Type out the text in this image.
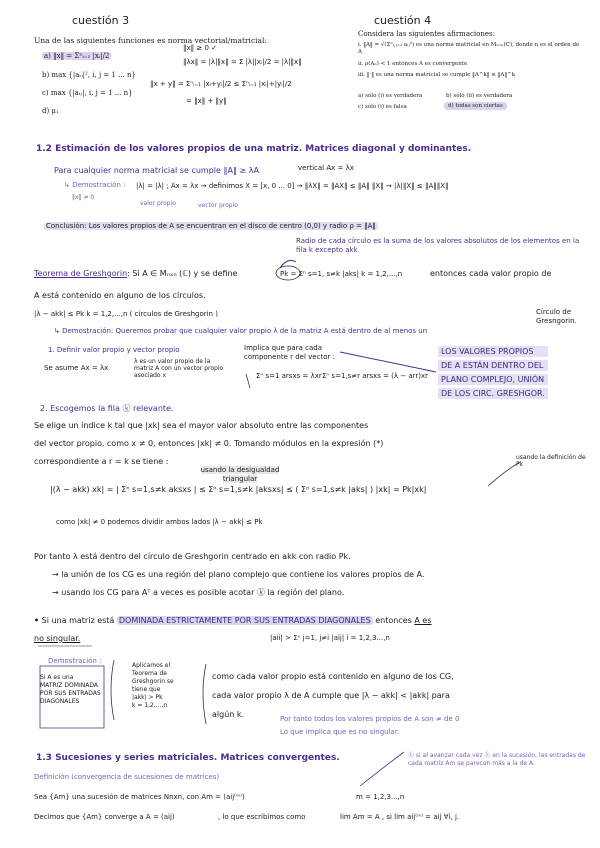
cuestión 3
Una de las siguientes funciones es norma vectorial/matricial:
a) ‖x‖ = Σⁿᵢ₌₁ |xᵢ|/2
b) max {|aᵢⱼ|², i, j = 1 ... n}
c) max {|aᵢⱼ|, i, j = 1 ... n}
d) μ₁
‖x‖ ≥ 0 ✓
‖λx‖ = |λ|‖x‖ = Σ |λ||xᵢ|/2 = |λ|‖x‖
‖x + y‖ = Σⁿᵢ₌₁ |xᵢ+yᵢ|/2 ≤ Σⁿᵢ₌₁ |xᵢ|+|yᵢ|/2
= ‖x‖ + ‖y‖
cuestión 4
Considera las siguientes afirmaciones:
i. ‖A‖ = √(Σⁿᵢ,ⱼ₌₁ aᵢⱼ²) es una norma matricial en Mₙₓₙ(ℂ), donde n es el orden de A
ii. ρ(Aₙ) < 1 entonces A es convergente
iii. ‖·‖ es una norma matricial se cumple ‖A^k‖ ≤ ‖A‖^k
a) sólo (i) es verdadera	b) sólo (ii) es verdadera
c) sólo (i) es falsa	d) todas son ciertas
1.2 Estimación de los valores propios de una matriz. Matrices diagonal y dominantes.
Para cualquier norma matricial se cumple ‖A‖ ≥ λA	vertical Ax = λx
↳ Demostración : |λ| = |λ| ; Ax = λx → definimos X = [x, 0 ... 0] → ‖λX‖ = ‖AX‖ ≤ ‖A‖ ‖X‖ → |λ|‖X‖ ≤ ‖A‖‖X‖
‖x‖ ≠ 0
valor propio	vector propio
Conclusión: Los valores propios de A se encuentran en el disco de centro (0,0) y radio ρ = ‖A‖
Radio de cada círculo es la suma de los valores absolutos de los elementos en la fila k excepto akk
Teorema de Greshgorin: Si A ∈ Mₙₓₙ (ℂ) y se define	Pk = Σⁿ s=1, s≠k |aks| k = 1,2,...,n	entonces cada valor propio de
A está contenido en alguno de los círculos.
|λ − akk| ≤ Pk k = 1,2,...,n ( círculos de Greshgorin )	Círculo de Gresngorin.
↳ Demostración: Queremos probar que cualquier valor propio λ de la matriz A está dentro de al menos un
1. Definir valor propio y vector propio
Se asume Ax = λx
λ es un valor propio de la matriz A con un vector propio asociado x
Implica que para cada componente r del vector :
Σⁿ s=1 arsxs = λxr Σⁿ s=1,s≠r arsxs = (λ − arr)xr
LOS VALORES PROPIOS
DE A ESTÁN DENTRO DEL
PLANO COMPLEJO, UNIÓN
DE LOS CIRC. GRESHGOR.
2. Escogemos la fila ⓚ relevante.
Se elige un índice k tal que |xk| sea el mayor valor absoluto entre las componentes
del vector propio. como x ≠ 0, entonces |xk| ≠ 0. Tomando módulos en la expresión (*)
correspondiente a r = k se tiene :
usando la desigualdad triangular
usando la definición de Pk
|(λ − akk) xk| = | Σⁿ s=1,s≠k aksxs | ≤ Σⁿ s=1,s≠k |aksxs| ≤ ( Σⁿ s=1,s≠k |aks| ) |xk| = Pk|xk|
como |xk| ≠ 0 podemos dividir ambos lados |λ − akk| ≤ Pk
Por tanto λ está dentro del círculo de Greshgorin centrado en akk con radio Pk.
→ la unión de los CG es una región del plano complejo que contiene los valores propios de A.
→ usando los CG para Aᵀ a veces es posible acotar ⓚ la región del plano.
• Si una matriz está DOMINADA ESTRICTAMENTE POR SUS ENTRADAS DIAGONALES entonces A es
no singular.	|aii| > Σⁿ j=1, j≠i |aij| i = 1,2,3...,n
Demostración :
Si A es una
MATRIZ DOMINADA
POR SUS ENTRADAS
DIAGONALES
Aplicamos el
Teorema de
Greshgorin se
tiene que
|akk| > Pk
k = 1,2,...,n
como cada valor propio está contenido en alguno de los CG,
cada valor propio λ de A cumple que |λ − akk| < |akk| para
algún k.	Por tanto todos los valores propios de A son ≠ de 0
Lo que implica que es no singular.
1.3 Sucesiones y series matriciales. Matrices convergentes.	ⓚ si al avanzar cada vez ⓚ en la sucesión, las entradas de cada matriz Am se parecen más a la de A.
Definición (convergencia de sucesiones de matrices)
Sea {Am} una sucesión de matrices Nnxn, con Am = (aij⁽ᵐ⁾)	m = 1,2,3...,n
Decimos que {Am} converge a A = (aij)	, lo que escribimos como	lim Am = A , si lim aij⁽ᵐ⁾ = aij ∀i, j.
